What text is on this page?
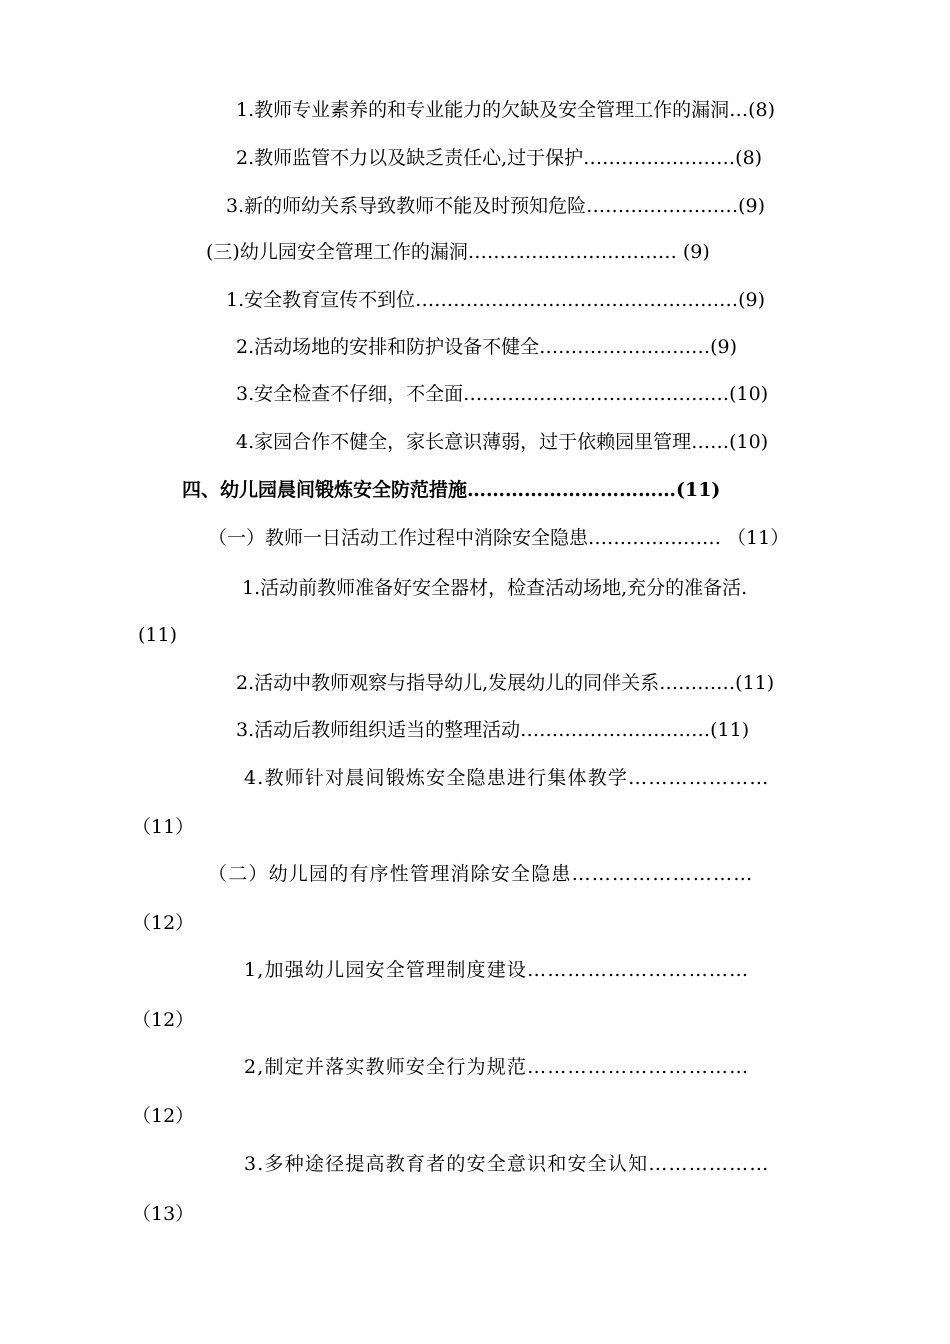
1.教师专业素养的和专业能力的欠缺及安全管理工作的漏洞…(8)
2.教师监管不力以及缺乏责任心,过于保护……………………(8)
3.新的师幼关系导致教师不能及时预知危险……………………(9)
(三)幼儿园安全管理工作的漏洞…………………………… (9)
1.安全教育宣传不到位……………………………………………(9)
2.活动场地的安排和防护设备不健全………………………(9)
3.安全检查不仔细，不全面……………………………………(10)
4.家园合作不健全，家长意识薄弱，过于依赖园里管理……(10)
四、幼儿园晨间锻炼安全防范措施……………………………(11)
（一）教师一日活动工作过程中消除安全隐患………………… （11）
1.活动前教师准备好安全器材，检查活动场地,充分的准备活.
(11)
2.活动中教师观察与指导幼儿,发展幼儿的同伴关系…………(11)
3.活动后教师组织适当的整理活动…………………………(11)
4.教师针对晨间锻炼安全隐患进行集体教学…………………
（11）
（二）幼儿园的有序性管理消除安全隐患………………………
（12）
1,加强幼儿园安全管理制度建设……………………………
（12）
2,制定并落实教师安全行为规范……………………………
（12）
3.多种途径提高教育者的安全意识和安全认知………………
（13）
